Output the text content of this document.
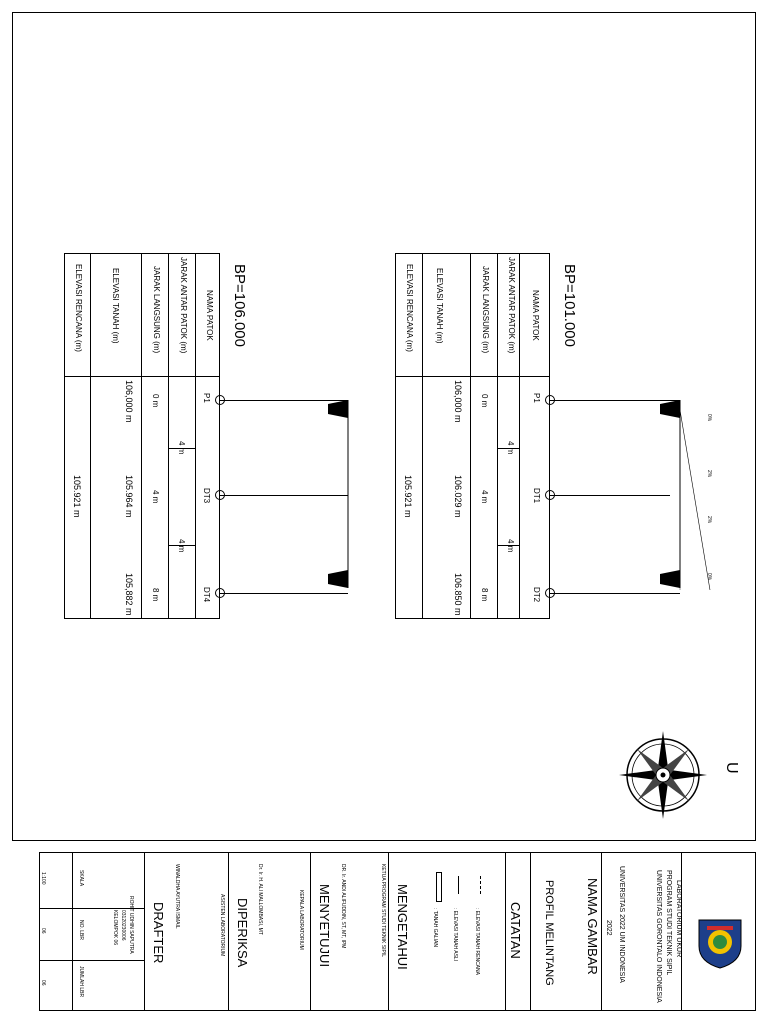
BP=101.000
NAMA PATOK
JARAK ANTAR PATOK (m)
JARAK LANGSUNG (m)
ELEVASI TANAH (m)
ELEVASI RENCANA (m)
P1
DT1
DT2
4 m
4 m
0 m
4 m
8 m
106,000 m
106.029 m
106.850 m
105.921 m
0%
2%
2%
0%
BP=106.000
NAMA PATOK
JARAK ANTAR PATOK (m)
JARAK LANGSUNG (m)
ELEVASI TANAH (m)
ELEVASI RENCANA (m)
P1
DT3
DT4
4 m
4 m
0 m
4 m
8 m
106,000 m
105.964 m
105,882 m
105.921 m
U
LABORATORIUM UKUR
PROGRAM STUDI TEKNIK SIPIL
UNIVERSITAS GORONTALO INDONESIA
UNIVERSITAS 2022 UM INDONESIA
2022
NAMA GAMBAR
PROFIL MELINTANG
CATATAN
: ELEVASI TANAH RENCANA
: ELEVASI TANAH ASLI
: TANAH GALIAN
MENGETAHUI
KETUA PROGRAM STUDI TEKNIK SIPIL
DR. Ir. ANDI ALIFUDDIN, ST, MT, IPM
MENYETUJUI
KEPALA LABORATORIUM
Dr. Ir. H. ALI MALLOMBASI, MT
DIPERIKSA
ASISTEN LABORATORIUM
WINALDHA AYUTRA ISMAIL
DRAFTER
ROHIT UDHIN SAPUTRA
03120230006
KELOMPOK 06
SKALA
1:100
NO. LBR
06
JUMLAH LBR
06
